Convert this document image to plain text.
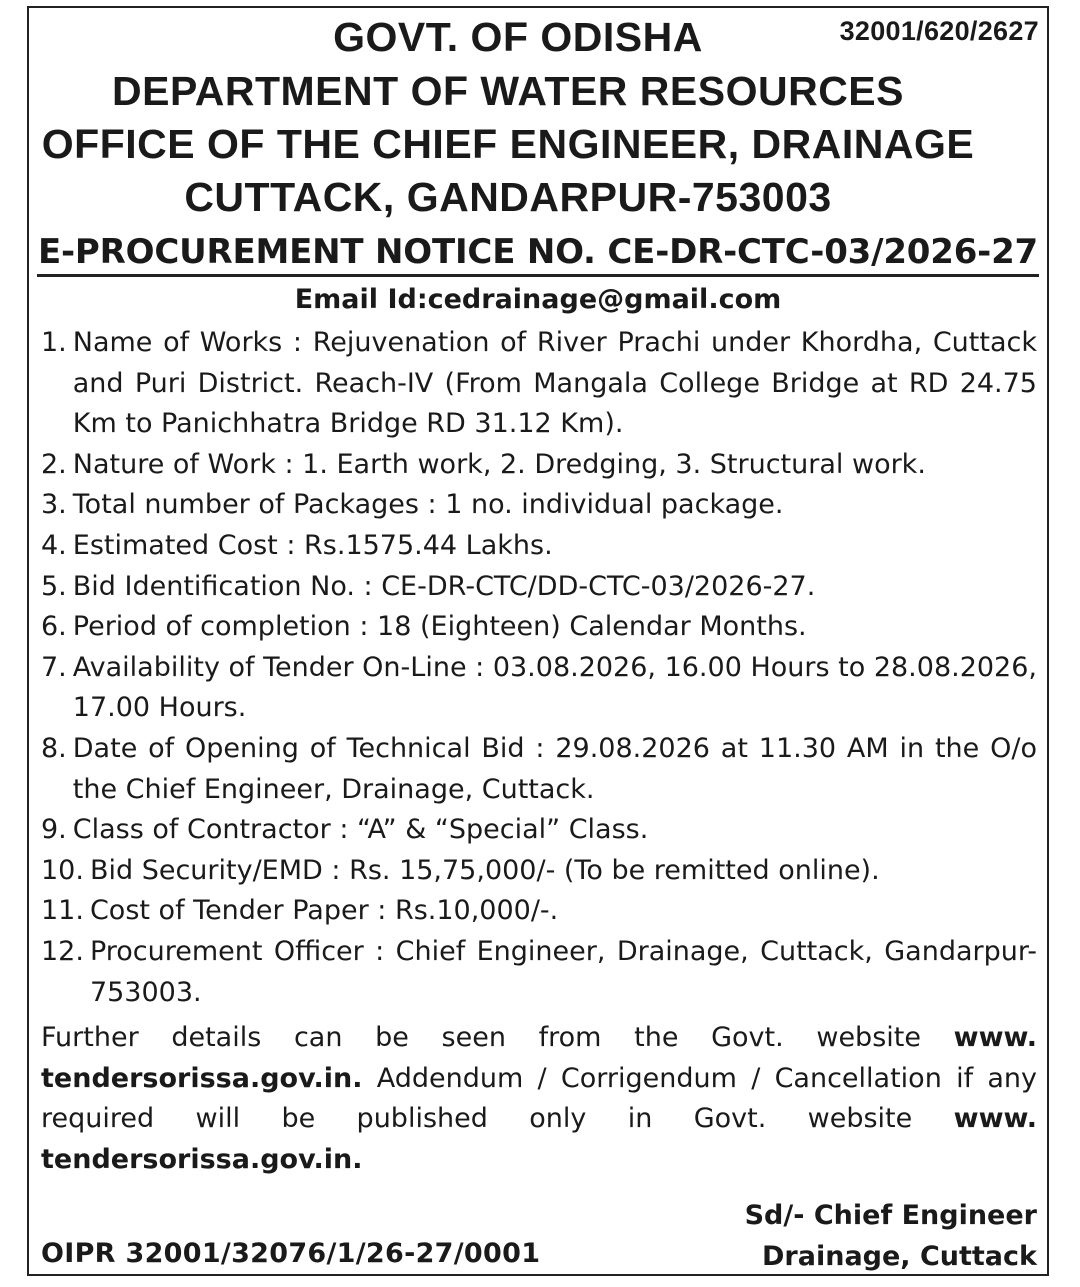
32001/620/2627
GOVT. OF ODISHA
DEPARTMENT OF WATER RESOURCES
OFFICE OF THE CHIEF ENGINEER, DRAINAGE
CUTTACK, GANDARPUR-753003
E-PROCUREMENT NOTICE NO. CE-DR-CTC-03/2026-27
Email Id:cedrainage@gmail.com
1. Name of Works : Rejuvenation of River Prachi under Khordha, Cuttack and Puri District. Reach-IV (From Mangala College Bridge at RD 24.75 Km to Panichhatra Bridge RD 31.12 Km).
2. Nature of Work : 1. Earth work, 2. Dredging, 3. Structural work.
3. Total number of Packages : 1 no. individual package.
4. Estimated Cost : Rs.1575.44 Lakhs.
5. Bid Identification No. : CE-DR-CTC/DD-CTC-03/2026-27.
6. Period of completion : 18 (Eighteen) Calendar Months.
7. Availability of Tender On-Line : 03.08.2026, 16.00 Hours to 28.08.2026, 17.00 Hours.
8. Date of Opening of Technical Bid : 29.08.2026 at 11.30 AM in the O/o the Chief Engineer, Drainage, Cuttack.
9. Class of Contractor : “A” & “Special” Class.
10. Bid Security/EMD : Rs. 15,75,000/- (To be remitted online).
11. Cost of Tender Paper : Rs.10,000/-.
12. Procurement Officer : Chief Engineer, Drainage, Cuttack, Gandarpur-753003.
Further details can be seen from the Govt. website www. tendersorissa.gov.in. Addendum / Corrigendum / Cancellation if any required will be published only in Govt. website www. tendersorissa.gov.in.
Sd/- Chief Engineer
Drainage, Cuttack
OIPR 32001/32076/1/26-27/0001
